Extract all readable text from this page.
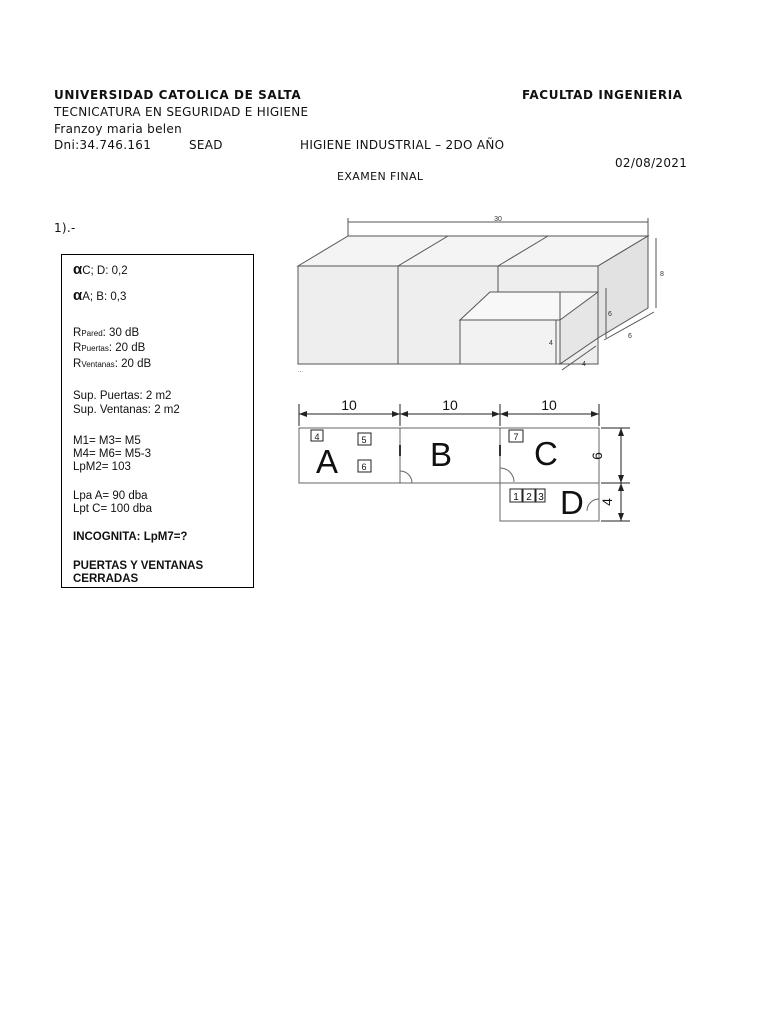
UNIVERSIDAD CATOLICA DE SALTA	FACULTAD INGENIERIA
TECNICATURA EN SEGURIDAD E HIGIENE
Franzoy maria belen
Dni:34.746.161	SEAD	HIGIENE INDUSTRIAL – 2DO AÑO
02/08/2021
EXAMEN FINAL
1).-
αC; D: 0,2
αA; B: 0,3
RPared: 30 dB
RPuertas: 20 dB
RVentanas: 20 dB
Sup. Puertas: 2 m2
Sup. Ventanas: 2 m2
M1= M3= M5
M4= M6= M5-3
LpM2= 103
Lpa A= 90 dba
Lpt C= 100 dba
INCOGNITA: LpM7=?
PUERTAS Y VENTANAS
CERRADAS
30
8
6
6
4
4
...
10	10	10
A	B C
D
4	5
6
7
1 2 3
6
4
